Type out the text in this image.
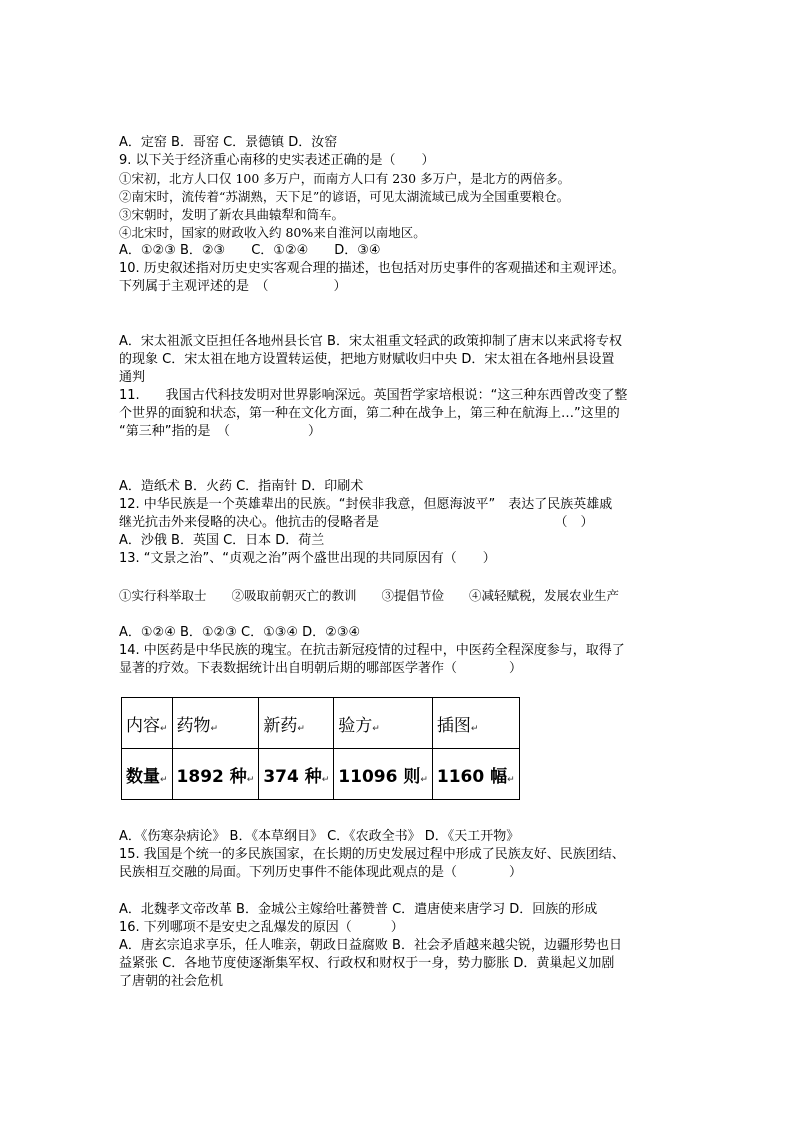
A．定窑 B．哥窑 C．景德镇 D．汝窑
9. 以下关于经济重心南移的史实表述正确的是（　　）
①宋初，北方人口仅 100 多万户，而南方人口有 230 多万户，是北方的两倍多。
②南宋时，流传着“苏湖熟，天下足”的谚语，可见太湖流域已成为全国重要粮仓。
③宋朝时，发明了新农具曲辕犁和筒车。
④北宋时，国家的财政收入约 80%来自淮河以南地区。
A．①②③ B．②③　　C．①②④　　D．③④
10. 历史叙述指对历史史实客观合理的描述，也包括对历史事件的客观描述和主观评述。
下列属于主观评述的是　（　　　　　）
A．宋太祖派文臣担任各地州县长官 B．宋太祖重文轻武的政策抑制了唐末以来武将专权
的现象 C．宋太祖在地方设置转运使，把地方财赋收归中央 D．宋太祖在各地州县设置
通判
11.　　我国古代科技发明对世界影响深远。英国哲学家培根说：“这三种东西曾改变了整
个世界的面貌和状态，第一种在文化方面，第二种在战争上，第三种在航海上…”这里的
“第三种”指的是　（　　　　　　）
A．造纸术 B．火药 C．指南针 D．印刷术
12. 中华民族是一个英雄辈出的民族。“封侯非我意，但愿海波平”　表达了民族英雄戚
继光抗击外来侵略的决心。他抗击的侵略者是　　　　　　　　　　　　　　（　）
A．沙俄 B．英国 C．日本 D．荷兰
13. “文景之治”、“贞观之治”两个盛世出现的共同原因有（　　）
①实行科举取士　　②吸取前朝灭亡的教训　　③提倡节俭　　④减轻赋税，发展农业生产
A．①②④ B．①②③ C．①③④ D．②③④
14. 中医药是中华民族的瑰宝。在抗击新冠疫情的过程中，中医药全程深度参与，取得了
显著的疗效。下表数据统计出自明朝后期的哪部医学著作（　　　　）
内容↵	药物↵	新药↵	验方↵	插图↵
数量↵	1892 种↵	374 种↵	11096 则↵	1160 幅↵
A．《伤寒杂病论》 B．《本草纲目》 C．《农政全书》 D．《天工开物》
15. 我国是个统一的多民族国家，在长期的历史发展过程中形成了民族友好、民族团结、
民族相互交融的局面。下列历史事件不能体现此观点的是（　　　　）
A．北魏孝文帝改革 B．金城公主嫁给吐蕃赞普 C．遣唐使来唐学习 D．回族的形成
16. 下列哪项不是安史之乱爆发的原因（　　　）
A．唐玄宗追求享乐，任人唯亲，朝政日益腐败 B．社会矛盾越来越尖锐，边疆形势也日
益紧张 C．各地节度使逐渐集军权、行政权和财权于一身，势力膨胀 D．黄巢起义加剧
了唐朝的社会危机
